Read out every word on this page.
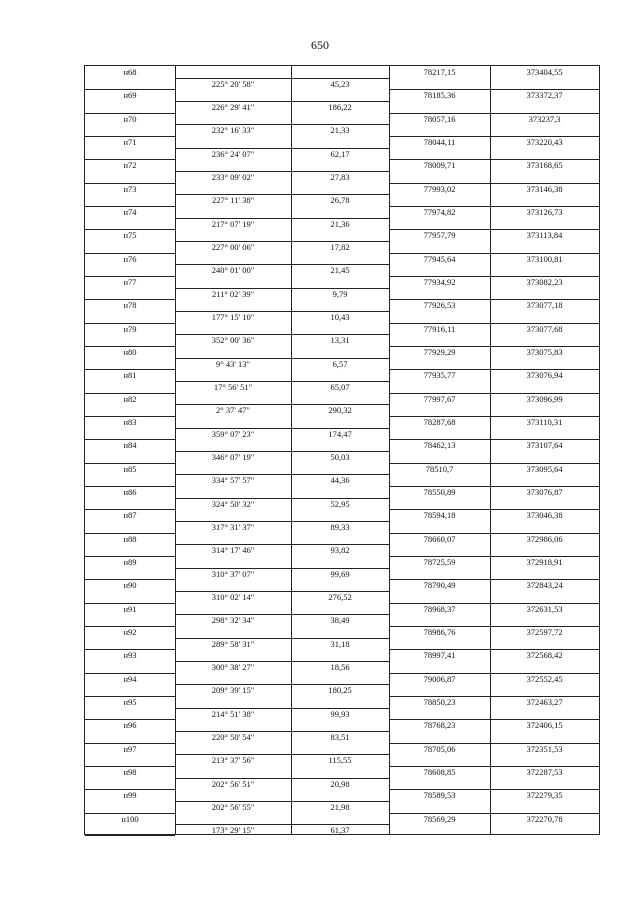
650
н68	78217,15	373404,55
225° 20' 58"	45,23
н69	78185,36	373372,37
226° 29' 41"	186,22
н70	78057,16	373237,3
232° 16' 33"	21,33
н71	78044,11	373220,43
236° 24' 07"	62,17
н72	78009,71	373168,65
233° 09' 02"	27,83
н73	77993,02	373146,38
227° 11' 38"	26,78
н74	77974,82	373126,73
217° 07' 19"	21,36
н75	77957,79	373113,84
227° 00' 06"	17,82
н76	77945,64	373100,81
240° 01' 00"	21,45
н77	77934,92	373082,23
211° 02' 39"	9,79
н78	77926,53	373077,18
177° 15' 10"	10,43
н79	77916,11	373077,68
352° 00' 36"	13,31
н80	77929,29	373075,83
9° 43' 13"	6,57
н81	77935,77	373076,94
17° 56' 51"	65,07
н82	77997,67	373096,99
2° 37' 47"	290,32
н83	78287,68	373110,31
359° 07' 23"	174,47
н84	78462,13	373107,64
346° 07' 19"	50,03
н85	78510,7	373095,64
334° 57' 57"	44,36
н86	78550,89	373076,87
324° 50' 32"	52,95
н87	78594,18	373046,38
317° 31' 37"	89,33
н88	78660,07	372986,06
314° 17' 46"	93,82
н89	78725,59	372918,91
310° 37' 07"	99,69
н90	78790,49	372843,24
310° 02' 14"	276,52
н91	78968,37	372631,53
298° 32' 34"	38,49
н92	78986,76	372597,72
289° 58' 31"	31,18
н93	78997,41	372568,42
300° 38' 27"	18,56
н94	79006,87	372552,45
209° 39' 15"	180,25
н95	78850,23	372463,27
214° 51' 38"	99,93
н96	78768,23	372406,15
220° 50' 54"	83,51
н97	78705,06	372351,53
213° 37' 56"	115,55
н98	78608,85	372287,53
202° 56' 51"	20,98
н99	78589,53	372279,35
202° 56' 55"	21,98
н100	78569,29	372270,78
173° 29' 15"	61,37
